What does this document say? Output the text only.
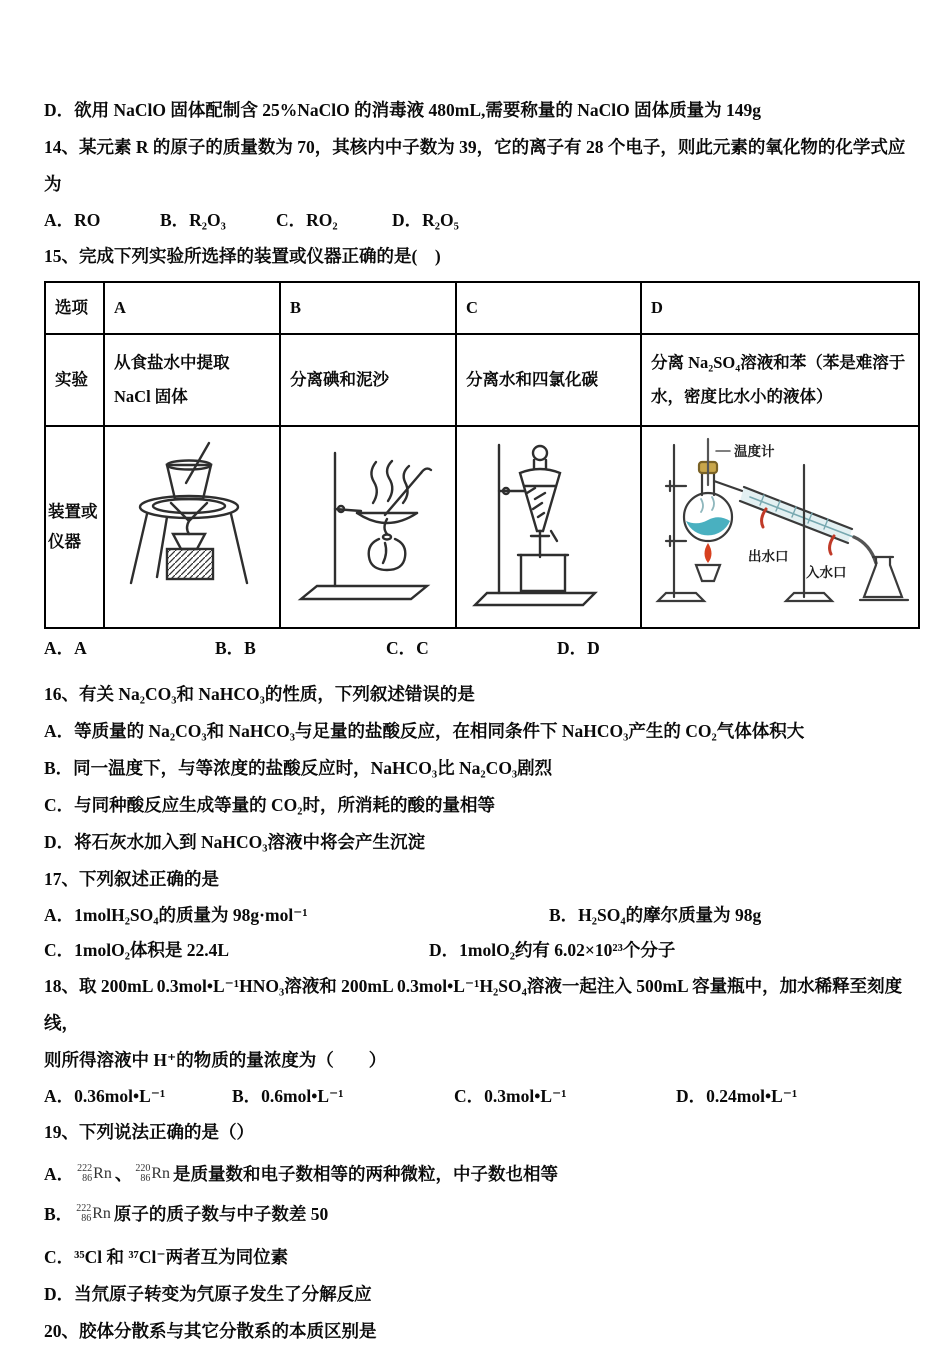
D．欲用 NaClO 固体配制含 25%NaClO 的消毒液 480mL,需要称量的 NaClO 固体质量为 149g

14、某元素 R 的原子的质量数为 70，其核内中子数为 39，它的离子有 28 个电子，则此元素的氧化物的化学式应为

A．RO	B．R₂O₃	C．RO₂	D．R₂O₅

15、完成下列实验所选择的装置或仪器正确的是(　)

选项	A	B	C	D
实验	从食盐水中提取 NaCl 固体	分离碘和泥沙	分离水和四氯化碳	分离 Na₂SO₄溶液和苯（苯是难溶于水，密度比水小的液体）
装置或仪器				温度计
出水口
入水口
A．A	B．B	C．C	D．D

16、有关 Na₂CO₃和 NaHCO₃的性质，下列叙述错误的是

A．等质量的 Na₂CO₃和 NaHCO₃与足量的盐酸反应，在相同条件下 NaHCO₃产生的 CO₂气体体积大

B．同一温度下，与等浓度的盐酸反应时，NaHCO₃比 Na₂CO₃剧烈

C．与同种酸反应生成等量的 CO₂时，所消耗的酸的量相等

D．将石灰水加入到 NaHCO₃溶液中将会产生沉淀

17、下列叙述正确的是

A．1molH₂SO₄的质量为 98g·mol⁻¹	B．H₂SO₄的摩尔质量为 98g
C．1molO₂体积是 22.4L	D．1molO₂约有 6.02×10²³个分子

18、取 200mL 0.3mol•L⁻¹HNO₃溶液和 200mL 0.3mol•L⁻¹H₂SO₄溶液一起注入 500mL 容量瓶中，加水稀释至刻度线，

则所得溶液中 H⁺的物质的量浓度为（　　）

A．0.36mol•L⁻¹	B．0.6mol•L⁻¹	C．0.3mol•L⁻¹	D．0.24mol•L⁻¹

19、下列说法正确的是（）

A． 222
86 Rn 、 220
86 Rn 是质量数和电子数相等的两种微粒，中子数也相等
B． 222
86 Rn 原子的质子数与中子数差 50

C．³⁵Cl 和 ³⁷Cl⁻两者互为同位素

D．当氘原子转变为氕原子发生了分解反应

20、胶体分散系与其它分散系的本质区别是
